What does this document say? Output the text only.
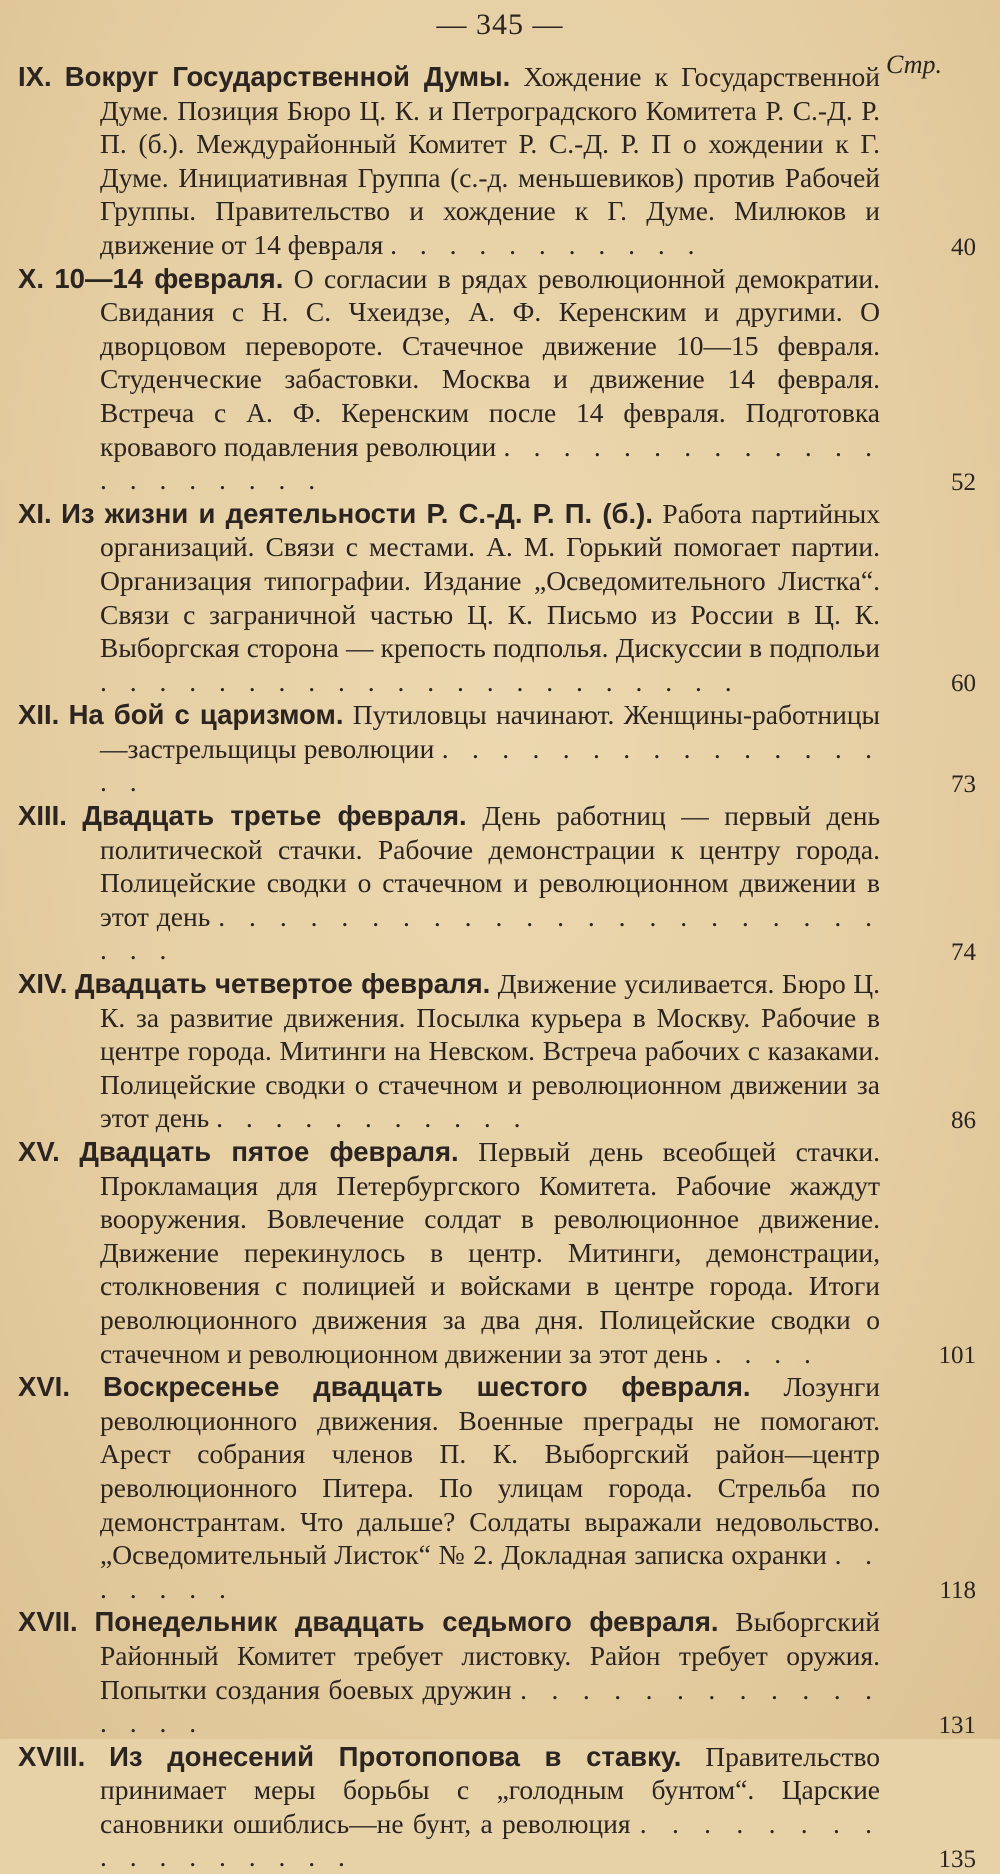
— 345 —
Стр.
IX. Вокруг Государственной Думы. Хождение к Государственной Думе. Позиция Бюро Ц. К. и Петроградского Комитета Р. С.-Д. Р. П. (б.). Междурайонный Комитет Р. С.-Д. Р. П о хождении к Г. Думе. Инициативная Группа (с.-д. меньшевиков) против Рабочей Группы. Правительство и хождение к Г. Думе. Милюков и движение от 14 февраля . . . . . . . . . . .	40
X. 10—14 февраля. О согласии в рядах революционной демократии. Свидания с Н. С. Чхеидзе, А. Ф. Керенским и другими. О дворцовом перевороте. Стачечное движение 10—15 февраля. Студенческие забастовки. Москва и движение 14 февраля. Встреча с А. Ф. Керенским после 14 февраля. Подготовка кровавого подавления революции . . . . . . . . . . . . . . . . . . . . .	52
XI. Из жизни и деятельности Р. С.-Д. Р. П. (б.). Работа партийных организаций. Связи с местами. А. М. Горький помогает партии. Организация типографии. Издание „Осведомительного Листка“. Связи с заграничной частью Ц. К. Письмо из России в Ц. К. Выборгская сторона — крепость подполья. Дискуссии в подпольи . . . . . . . . . . . . . . . . . . . . . .	60
XII. На бой с царизмом. Путиловцы начинают. Женщины-работницы—застрельщицы революции . . . . . . . . . . . . . . . . .	73
XIII. Двадцать третье февраля. День работниц — первый день политической стачки. Рабочие демонстрации к центру города. Полицейские сводки о стачечном и революционном движении в этот день . . . . . . . . . . . . . . . . . . . . . . . . .	74
XIV. Двадцать четвертое февраля. Движение усиливается. Бюро Ц. К. за развитие движения. Посылка курьера в Москву. Рабочие в центре города. Митинги на Невском. Встреча рабочих с казаками. Полицейские сводки о стачечном и революционном движении за этот день . . . . . . . . . . .	86
XV. Двадцать пятое февраля. Первый день всеобщей стачки. Прокламация для Петербургского Комитета. Рабочие жаждут вооружения. Вовлечение солдат в революционное движение. Движение перекинулось в центр. Митинги, демонстрации, столкновения с полицией и войсками в центре города. Итоги революционного движения за два дня. Полицейские сводки о стачечном и революционном движении за этот день . . . .	101
XVI. Воскресенье двадцать шестого февраля. Лозунги революционного движения. Военные преграды не помогают. Арест собрания членов П. К. Выборгский район—центр революционного Питера. По улицам города. Стрельба по демонстрантам. Что дальше? Солдаты выражали недовольство. „Осведомительный Листок“ № 2. Докладная записка охранки . . . . . . .	118
XVII. Понедельник двадцать седьмого февраля. Выборгский Районный Комитет требует листовку. Район требует оружия. Попытки создания боевых дружин . . . . . . . . . . . . . . . .	131
XVIII. Из донесений Протопопова в ставку. Правительство принимает меры борьбы с „голодным бунтом“. Царские сановники ошиблись—не бунт, а революция . . . . . . . . . . . . . . . . .	135
